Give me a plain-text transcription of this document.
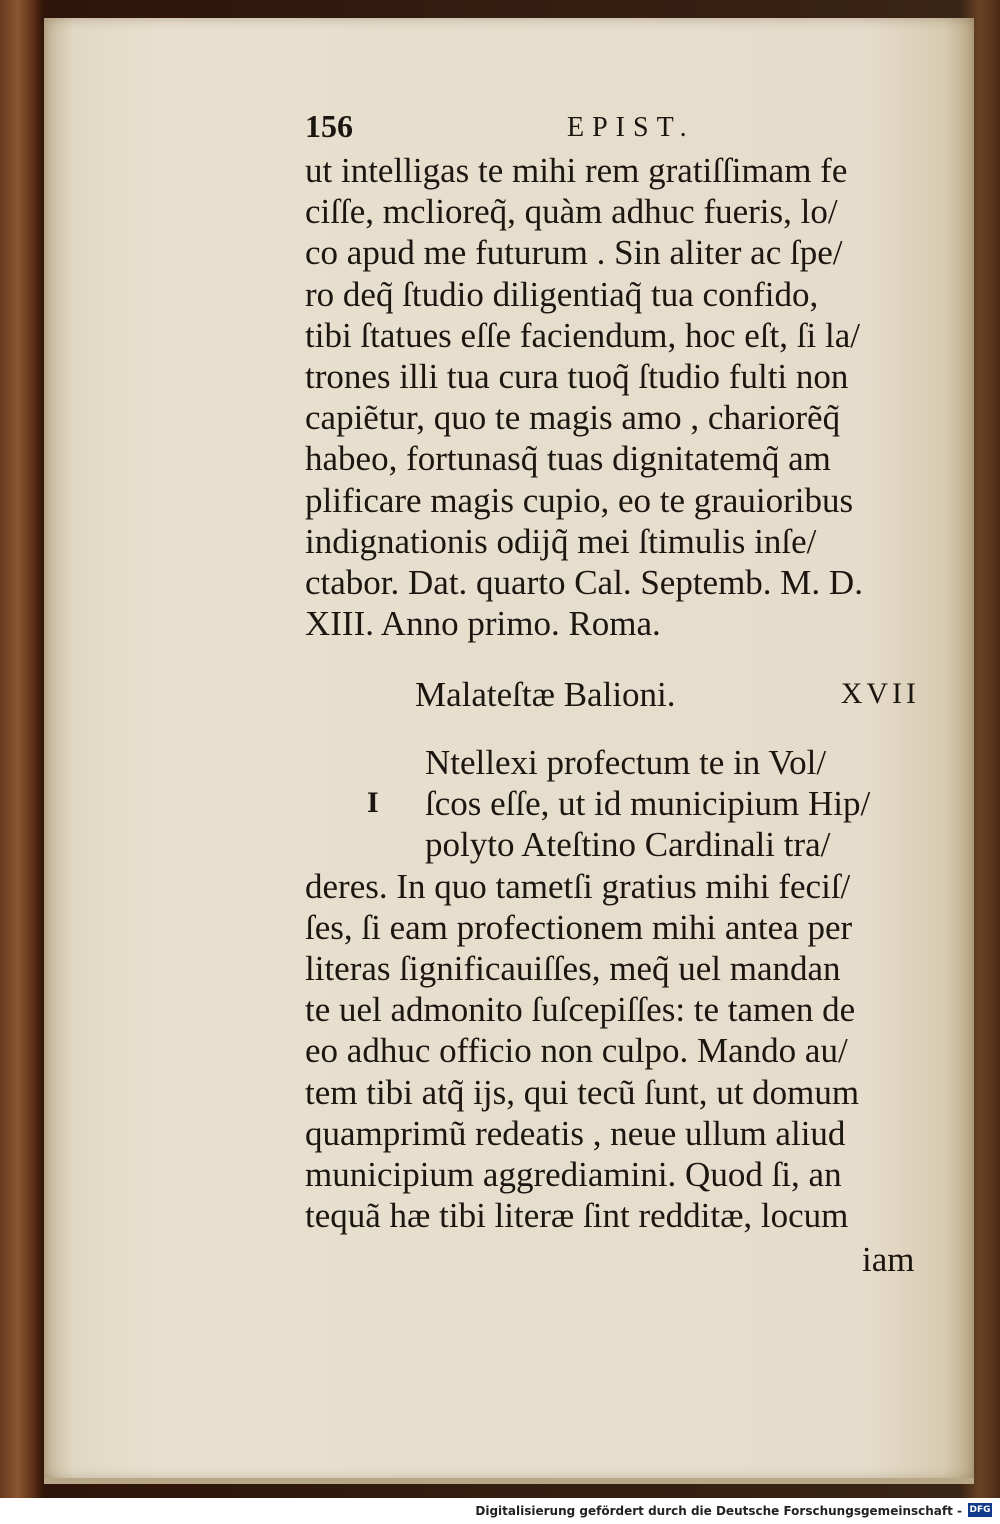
156	EPIST.
ut intelligas te mihi rem gratiſſimam fe
ciſſe, mclioreq̃, quàm adhuc fueris, lo/
co apud me futurum . Sin aliter ac ſpe/
ro deq̃ ſtudio diligentiaq̃ tua confido,
tibi ſtatues eſſe faciendum, hoc eſt, ſi la/
trones illi tua cura tuoq̃ ſtudio fulti non
capiẽtur, quo te magis amo , chariorẽq̃
habeo, fortunasq̃ tuas dignitatemq̃ am
plificare magis cupio, eo te grauioribus
indignationis odijq̃ mei ſtimulis inſe/
ctabor. Dat. quarto Cal. Septemb. M. D.
XIII. Anno primo. Roma.
Malateſtæ Balioni.	XVII
I
Ntellexi profectum te in Vol/
ſcos eſſe, ut id municipium Hip/
polyto Ateſtino Cardinali tra/
deres. In quo tametſi gratius mihi feciſ/
ſes, ſi eam profectionem mihi antea per
literas ſignificauiſſes, meq̃ uel mandan
te uel admonito ſuſcepiſſes: te tamen de
eo adhuc officio non culpo. Mando au/
tem tibi atq̃ ijs, qui tecũ ſunt, ut domum
quamprimũ redeatis , neue ullum aliud
municipium aggrediamini. Quod ſi, an
tequã hæ tibi literæ ſint redditæ, locum
iam
Digitalisierung gefördert durch die Deutsche Forschungsgemeinschaft - DFG
